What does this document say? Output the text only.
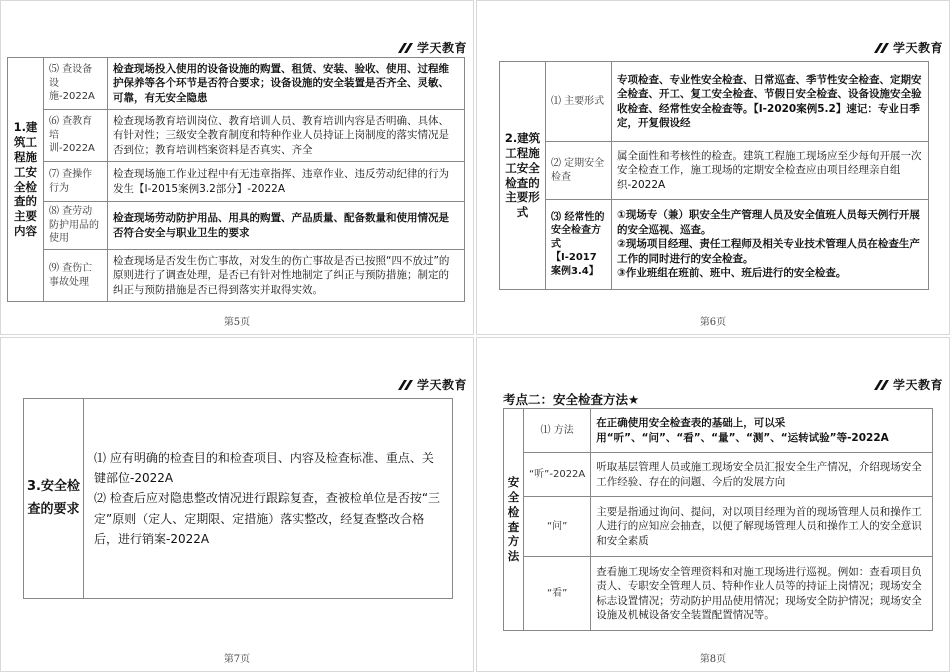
学天教育
1.建筑工程施工安全检查的主要内容	⑸ 查设备设施-2022A	检查现场投入使用的设备设施的购置、租赁、安装、验收、使用、过程维护保养等各个环节是否符合要求；设备设施的安全装置是否齐全、灵敏、可靠，有无安全隐患
	⑹ 查教育培训-2022A	检查现场教育培训岗位、教育培训人员、教育培训内容是否明确、具体、有针对性；三级安全教育制度和特种作业人员持证上岗制度的落实情况是否到位；教育培训档案资料是否真实、齐全
	⑺ 查操作行为	检查现场施工作业过程中有无违章指挥、违章作业、违反劳动纪律的行为发生【Ⅰ-2015案例3.2部分】-2022A
	⑻ 查劳动防护用品的使用	检查现场劳动防护用品、用具的购置、产品质量、配备数量和使用情况是否符合安全与职业卫生的要求
	⑼ 查伤亡事故处理	检查现场是否发生伤亡事故，对发生的伤亡事故是否已按照“四不放过”的原则进行了调查处理，是否已有针对性地制定了纠正与预防措施；制定的纠正与预防措施是否已得到落实并取得实效。
第5页
学天教育
2.建筑工程施工安全检查的主要形式	⑴ 主要形式	专项检查、专业性安全检查、日常巡查、季节性安全检查、定期安全检查、开工、复工安全检查、节假日安全检查、设备设施安全验收检查、经常性安全检查等。【Ⅰ-2020案例5.2】速记：专业日季定，开复假设经
	⑵ 定期安全检查	属全面性和考核性的检查。建筑工程施工现场应至少每旬开展一次安全检查工作，施工现场的定期安全检查应由项目经理亲自组织-2022A
	⑶ 经常性的安全检查方式【Ⅰ-2017案例3.4】	①现场专（兼）职安全生产管理人员及安全值班人员每天例行开展的安全巡视、巡查。
②现场项目经理、责任工程师及相关专业技术管理人员在检查生产工作的同时进行的安全检查。
③作业班组在班前、班中、班后进行的安全检查。
第6页
学天教育
3.安全检查的要求	
⑴ 应有明确的检查目的和检查项目、内容及检查标准、重点、关键部位-2022A
⑵ 检查后应对隐患整改情况进行跟踪复查，查被检单位是否按“三定”原则（定人、定期限、定措施）落实整改，经复查整改合格后，进行销案-2022A
第7页
学天教育
考点二：安全检查方法★
安全检查方法	⑴ 方法	在正确使用安全检查表的基础上，可以采用“听”、“问”、“看”、“量”、“测”、“运转试验”等-2022A
	“听”-2022A	听取基层管理人员或施工现场安全员汇报安全生产情况，介绍现场安全工作经验、存在的问题、今后的发展方向
	“问”	主要是指通过询问、提问，对以项目经理为首的现场管理人员和操作工人进行的应知应会抽查，以便了解现场管理人员和操作工人的安全意识和安全素质
	“看”	查看施工现场安全管理资料和对施工现场进行巡视。例如：查看项目负责人、专职安全管理人员、特种作业人员等的持证上岗情况；现场安全标志设置情况；劳动防护用品使用情况；现场安全防护情况；现场安全设施及机械设备安全装置配置情况等。
第8页
